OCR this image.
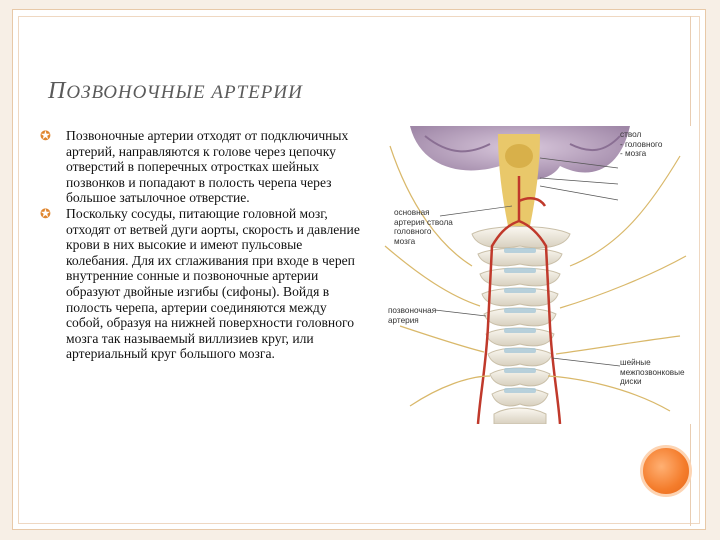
ПОЗВОНОЧНЫЕ АРТЕРИИ
✪ Позвоночные артерии отходят от подключичных артерий, направляются к голове через цепочку отверстий в поперечных отростках шейных позвонков и попадают в полость черепа через большое затылочное отверстие.
✪ Поскольку сосуды, питающие головной мозг, отходят от ветвей дуги аорты, скорость и давление крови в них высокие и имеют пульсовые колебания. Для их сглаживания при входе в череп внутренние сонные и позвоночные артерии образуют двойные изгибы (сифоны). Войдя в полость черепа, артерии соединяются между собой, образуя на нижней поверхности головного мозга так называемый виллизиев круг, или артериальный круг большого мозга.
ствол
- головного
- мозга
основная
артерия ствола
головного
мозга
позвоночная
артерия
шейные
межпозвонковые
диски
